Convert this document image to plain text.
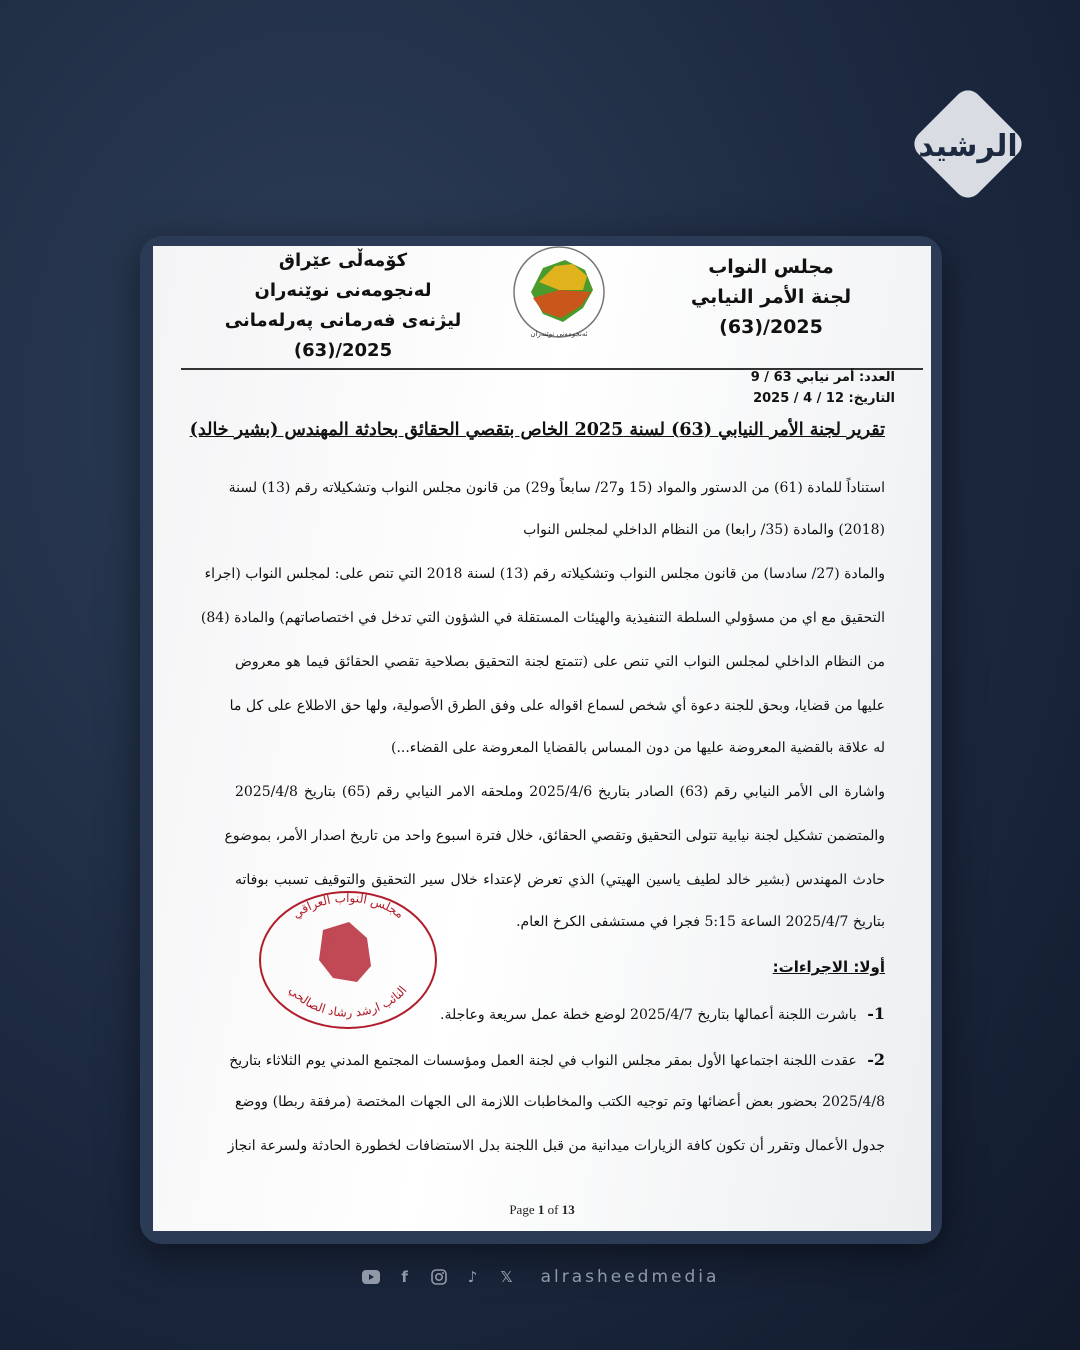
الرشيد
مجلس النواب
لجنة الأمر النيابي
2025/(63)
ئەنجومەنی نوێنەران
کۆمەڵی عێراق
لەنجومەنی نوێنەران
لیژنەی فەرمانی پەرلەمانی
2025/(63)
العدد: أمر نيابي 63 / 9
التاريخ: 12 / 4 / 2025
تقرير لجنة الأمر النيابي (63) لسنة 2025 الخاص بتقصي الحقائق بحادثة المهندس (بشير خالد)
استناداً للمادة (61) من الدستور والمواد (15 و27/ سابعاً و29) من قانون مجلس النواب وتشكيلاته رقم (13) لسنة
(2018) والمادة (35/ رابعا) من النظام الداخلي لمجلس النواب
والمادة (27/ سادسا) من قانون مجلس النواب وتشكيلاته رقم (13) لسنة 2018 التي تنص على: لمجلس النواب (اجراء
التحقيق مع اي من مسؤولي السلطة التنفيذية والهيئات المستقلة في الشؤون التي تدخل في اختصاصاتهم) والمادة (84)
من النظام الداخلي لمجلس النواب التي تنص على (تتمتع لجنة التحقيق بصلاحية تقصي الحقائق فيما هو معروض
عليها من قضايا، وبحق للجنة دعوة أي شخص لسماع اقواله على وفق الطرق الأصولية، ولها حق الاطلاع على كل ما
له علاقة بالقضية المعروضة عليها من دون المساس بالقضايا المعروضة على القضاء...)
واشارة الى الأمر النيابي رقم (63) الصادر بتاريخ 2025/4/6 وملحقه الامر النيابي رقم (65) بتاريخ 2025/4/8
والمتضمن تشكيل لجنة نيابية تتولى التحقيق وتقصي الحقائق، خلال فترة اسبوع واحد من تاريخ اصدار الأمر، بموضوع
حادث المهندس (بشير خالد لطيف ياسين الهيتي) الذي تعرض لإعتداء خلال سير التحقيق والتوقيف تسبب بوفاته
بتاريخ 2025/4/7 الساعة 5:15 فجرا في مستشفى الكرخ العام.
أولا: الاجراءات:
1- باشرت اللجنة أعمالها بتاريخ 2025/4/7 لوضع خطة عمل سريعة وعاجلة.
2- عقدت اللجنة اجتماعها الأول بمقر مجلس النواب في لجنة العمل ومؤسسات المجتمع المدني يوم الثلاثاء بتاريخ
2025/4/8 بحضور بعض أعضائها وتم توجيه الكتب والمخاطبات اللازمة الى الجهات المختصة (مرفقة ربطا) ووضع
جدول الأعمال وتقرر أن تكون كافة الزيارات ميدانية من قبل اللجنة بدل الاستضافات لخطورة الحادثة ولسرعة انجاز
مجلس النواب العراقي
النائب ارشد رشاد الصالحي
Page 1 of 13
f	♪	𝕏 alrasheedmedia
